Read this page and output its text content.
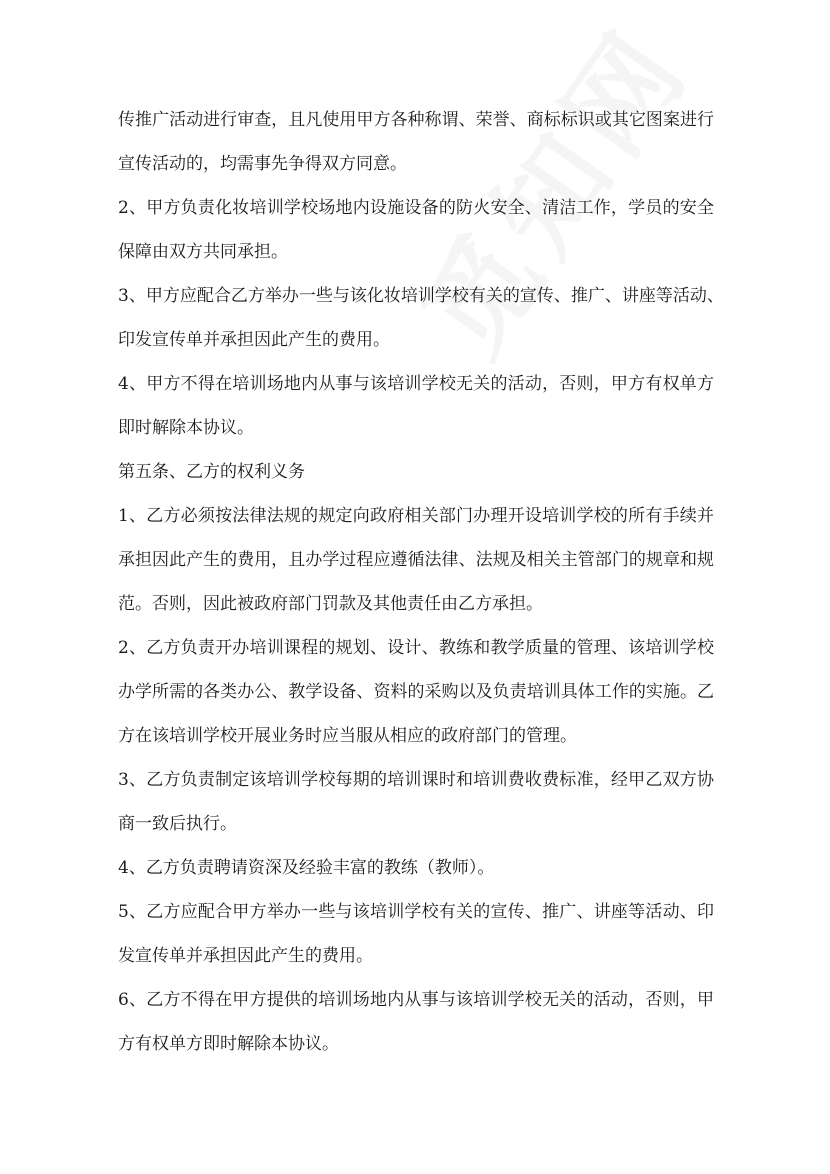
传推广活动进行审查，且凡使用甲方各种称谓、荣誉、商标标识或其它图案进行
宣传活动的，均需事先争得双方同意。
2、甲方负责化妆培训学校场地内设施设备的防火安全、清洁工作，学员的安全
保障由双方共同承担。
3、甲方应配合乙方举办一些与该化妆培训学校有关的宣传、推广、讲座等活动、
印发宣传单并承担因此产生的费用。
4、甲方不得在培训场地内从事与该培训学校无关的活动，否则，甲方有权单方
即时解除本协议。
第五条、乙方的权利义务
1、乙方必须按法律法规的规定向政府相关部门办理开设培训学校的所有手续并
承担因此产生的费用，且办学过程应遵循法律、法规及相关主管部门的规章和规
范。否则，因此被政府部门罚款及其他责任由乙方承担。
2、乙方负责开办培训课程的规划、设计、教练和教学质量的管理、该培训学校
办学所需的各类办公、教学设备、资料的采购以及负责培训具体工作的实施。乙
方在该培训学校开展业务时应当服从相应的政府部门的管理。
3、乙方负责制定该培训学校每期的培训课时和培训费收费标准，经甲乙双方协
商一致后执行。
4、乙方负责聘请资深及经验丰富的教练（教师）。
5、乙方应配合甲方举办一些与该培训学校有关的宣传、推广、讲座等活动、印
发宣传单并承担因此产生的费用。
6、乙方不得在甲方提供的培训场地内从事与该培训学校无关的活动，否则，甲
方有权单方即时解除本协议。
